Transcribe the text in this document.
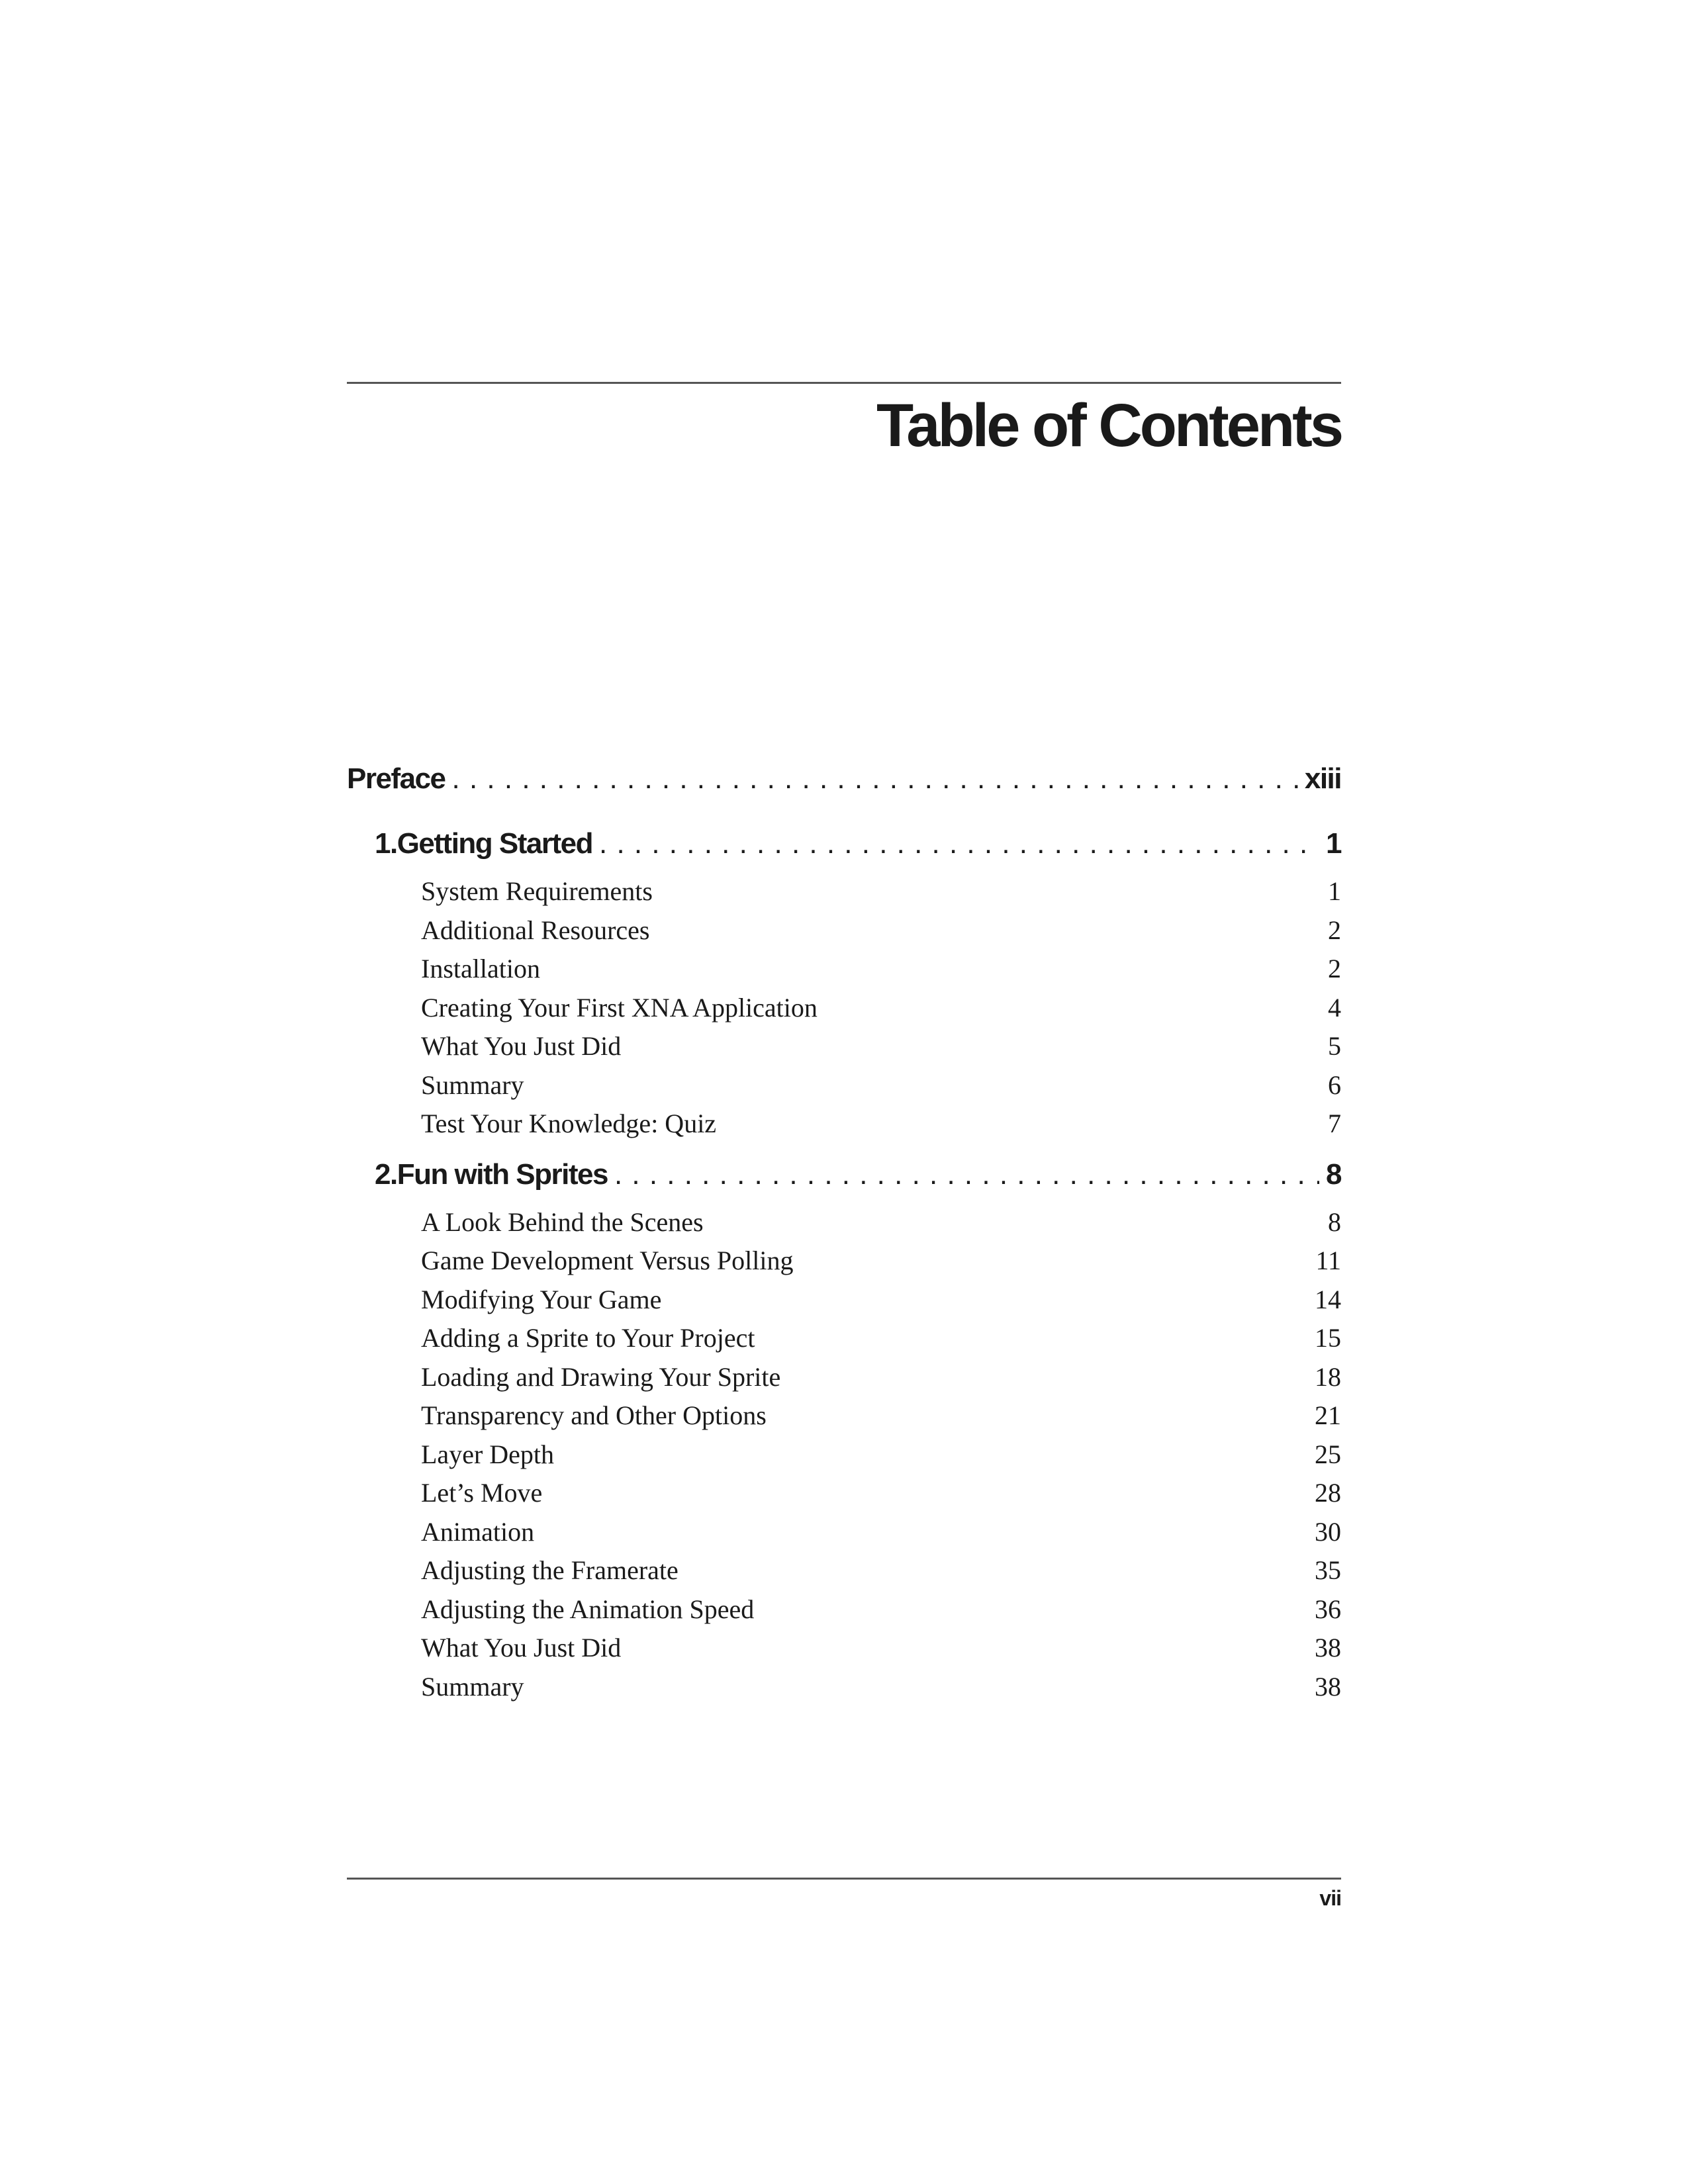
Table of Contents
Preface . . .	xiii
1. Getting Started . . .	1
System Requirements	1
Additional Resources	2
Installation	2
Creating Your First XNA Application	4
What You Just Did	5
Summary	6
Test Your Knowledge: Quiz	7
2. Fun with Sprites . . .	8
A Look Behind the Scenes	8
Game Development Versus Polling	11
Modifying Your Game	14
Adding a Sprite to Your Project	15
Loading and Drawing Your Sprite	18
Transparency and Other Options	21
Layer Depth	25
Let’s Move	28
Animation	30
Adjusting the Framerate	35
Adjusting the Animation Speed	36
What You Just Did	38
Summary	38
vii
